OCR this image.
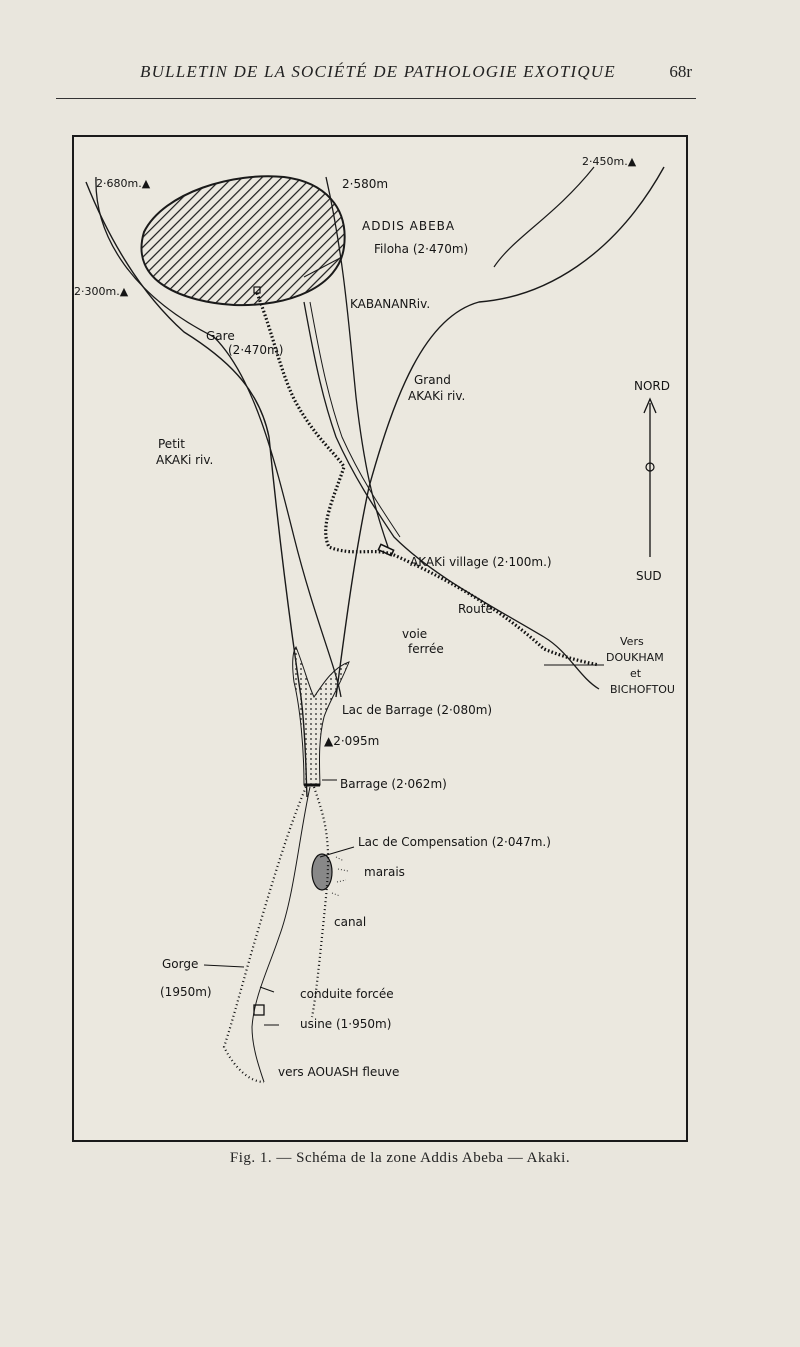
BULLETIN DE LA SOCIÉTÉ DE PATHOLOGIE EXOTIQUE	68r
2·680m.▲	2·580m
2·450m.▲
2·300m.▲
▲2·095m
ADDIS ABEBA
Filoha (2·470m)
KABANANRiv.
Gare
(2·470m)
Grand
AKAKi riv.
Petit
AKAKi riv.
NORD
SUD
AKAKi village (2·100m.)
Route
voie
ferrée
Vers
DOUKHAM
et
BICHOFTOU
Lac de Barrage (2·080m)
Barrage (2·062m)
Lac de Compensation (2·047m.)
marais
canal
Gorge
(1950m)	conduite forcée
usine (1·950m)
vers AOUASH fleuve
Fig. 1. — Schéma de la zone Addis Abeba — Akaki.
